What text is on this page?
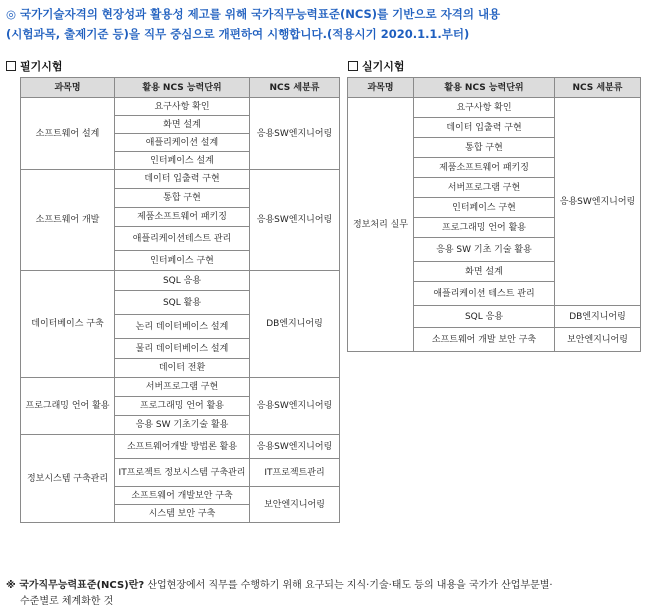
◎ 국가기술자격의 현장성과 활용성 제고를 위해 국가직무능력표준(NCS)를 기반으로 자격의 내용
(시험과목, 출제기준 등)을 직무 중심으로 개편하여 시행합니다.(적용시기 2020.1.1.부터)
필기시험
과목명	활용 NCS 능력단위	NCS 세분류
소프트웨어 설계	요구사항 확인	응용SW엔지니어링
	화면 설계	
	애플리케이션 설계	
	인터페이스 설계	
소프트웨어 개발	데이터 입출력 구현	응용SW엔지니어링
	통합 구현	
	제품소프트웨어 패키징	
	애플리케이션테스트 관리	
	인터페이스 구현	
데이터베이스 구축	SQL 응용	DB엔지니어링
	SQL 활용	
	논리 데이터베이스 설계	
	물리 데이터베이스 설계	
	데이터 전환	
프로그래밍 언어 활용	서버프로그램 구현	응용SW엔지니어링
	프로그래밍 언어 활용	
	응용 SW 기초기술 활용	
정보시스템 구축관리	소프트웨어개발 방법론 활용	응용SW엔지니어링
	IT프로젝트 정보시스템 구축관리	IT프로젝트관리
	소프트웨어 개발보안 구축	보안엔지니어링
	시스템 보안 구축	
실기시험
과목명	활용 NCS 능력단위	NCS 세분류
정보처리 실무	요구사항 확인	응용SW엔지니어링
	데이터 입출력 구현	
	통합 구현	
	제품소프트웨어 패키징	
	서버프로그램 구현	
	인터페이스 구현	
	프로그래밍 언어 활용	
	응용 SW 기초 기술 활용	
	화면 설계	
	애플리케이션 테스트 관리	
	SQL 응용	DB엔지니어링
	소프트웨어 개발 보안 구축	보안엔지니어링
※ 국가직무능력표준(NCS)란? 산업현장에서 직무를 수행하기 위해 요구되는 지식·기술·태도 등의 내용을 국가가 산업부문별·
수준별로 체계화한 것
